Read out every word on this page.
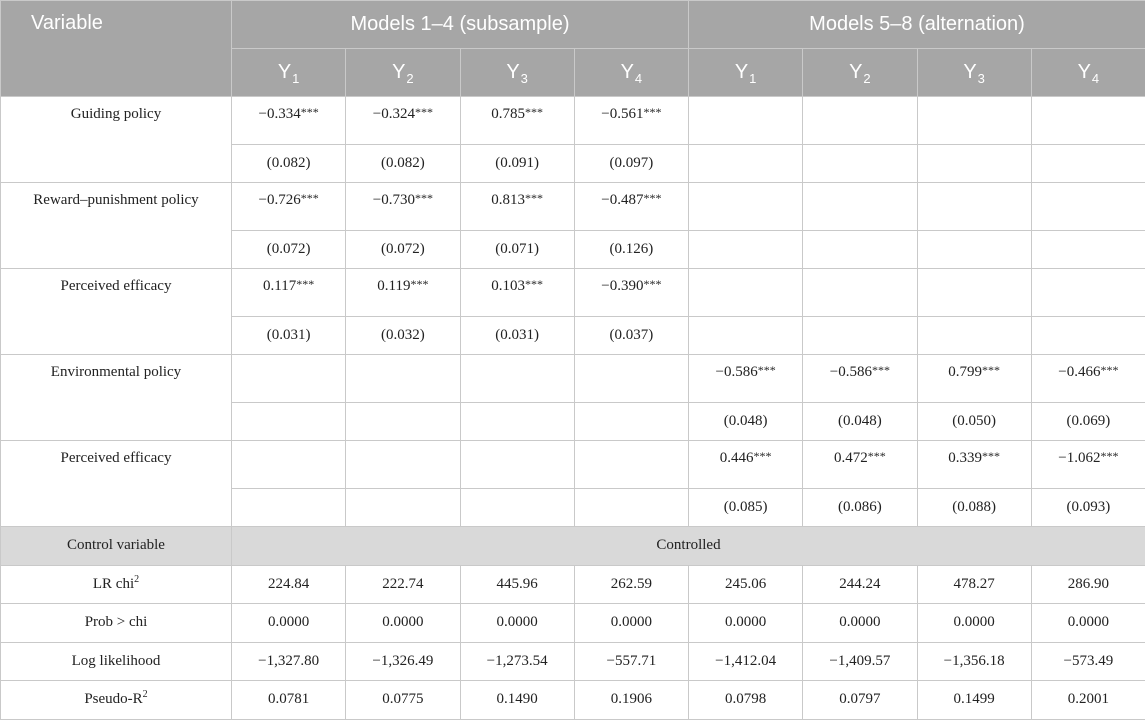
Variable	Models 1–4 (subsample)				Models 5–8 (alternation)			
	$Y_1$	$Y_2$	$Y_3$	$Y_4$	$Y_1$	$Y_2$	$Y_3$	$Y_4$
Guiding policy	−0.334***	−0.324***	0.785***	−0.561***				
	(0.082)	(0.082)	(0.091)	(0.097)				
Reward–punishment policy	−0.726***	−0.730***	0.813***	−0.487***				
	(0.072)	(0.072)	(0.071)	(0.126)				
Perceived efficacy	0.117***	0.119***	0.103***	−0.390***				
	(0.031)	(0.032)	(0.031)	(0.037)				
Environmental policy					−0.586***	−0.586***	0.799***	−0.466***
					(0.048)	(0.048)	(0.050)	(0.069)
Perceived efficacy					0.446***	0.472***	0.339***	−1.062***
					(0.085)	(0.086)	(0.088)	(0.093)
Control variable	Controlled							
LR chi$^2$	224.84	222.74	445.96	262.59	245.06	244.24	478.27	286.90
Prob > chi	0.0000	0.0000	0.0000	0.0000	0.0000	0.0000	0.0000	0.0000
Log likelihood	−1,327.80	−1,326.49	−1,273.54	−557.71	−1,412.04	−1,409.57	−1,356.18	−573.49
Pseudo-$R^2$	0.0781	0.0775	0.1490	0.1906	0.0798	0.0797	0.1499	0.2001
